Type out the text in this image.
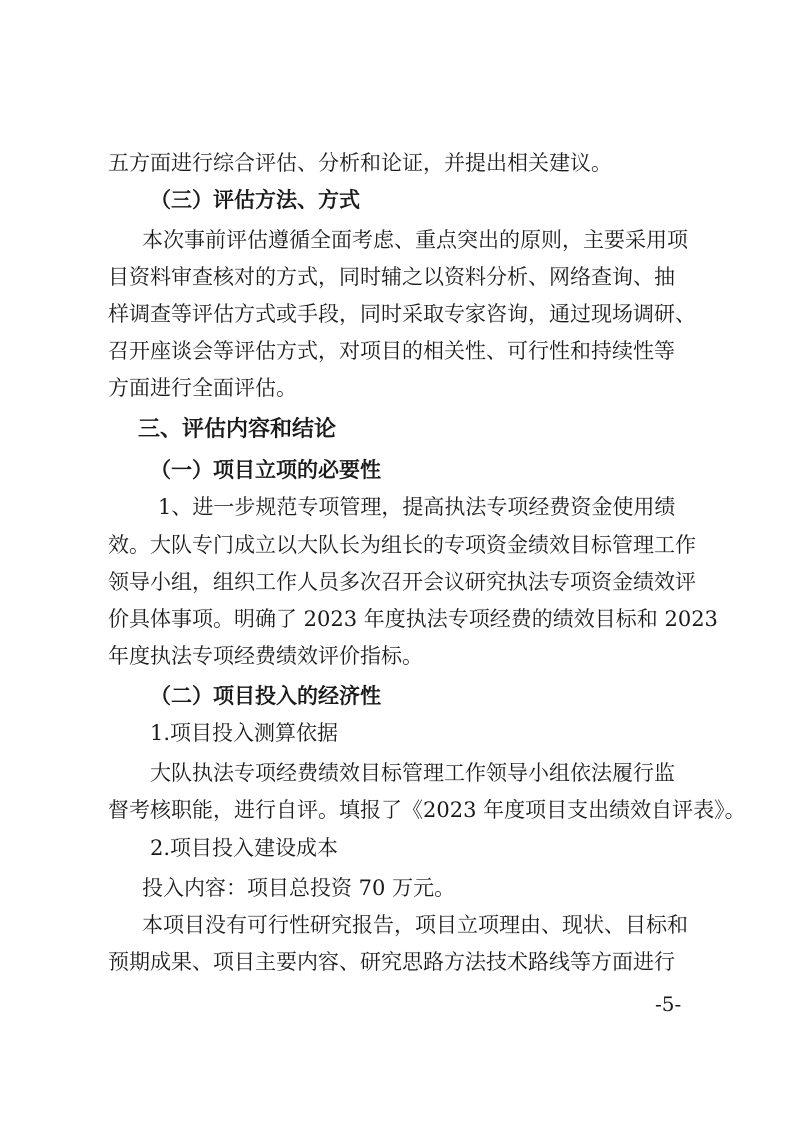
五方面进行综合评估、分析和论证，并提出相关建议。
（三）评估方法、方式
本次事前评估遵循全面考虑、重点突出的原则，主要采用项
目资料审查核对的方式，同时辅之以资料分析、网络查询、抽
样调查等评估方式或手段，同时采取专家咨询，通过现场调研、
召开座谈会等评估方式，对项目的相关性、可行性和持续性等
方面进行全面评估。
三、评估内容和结论
（一）项目立项的必要性
1、进一步规范专项管理，提高执法专项经费资金使用绩
效。大队专门成立以大队长为组长的专项资金绩效目标管理工作
领导小组，组织工作人员多次召开会议研究执法专项资金绩效评
价具体事项。明确了 2023 年度执法专项经费的绩效目标和 2023
年度执法专项经费绩效评价指标。
（二）项目投入的经济性
1.项目投入测算依据
大队执法专项经费绩效目标管理工作领导小组依法履行监
督考核职能，进行自评。填报了《2023 年度项目支出绩效自评表》。
2.项目投入建设成本
投入内容：项目总投资 70 万元。
本项目没有可行性研究报告，项目立项理由、现状、目标和
预期成果、项目主要内容、研究思路方法技术路线等方面进行
-5-
